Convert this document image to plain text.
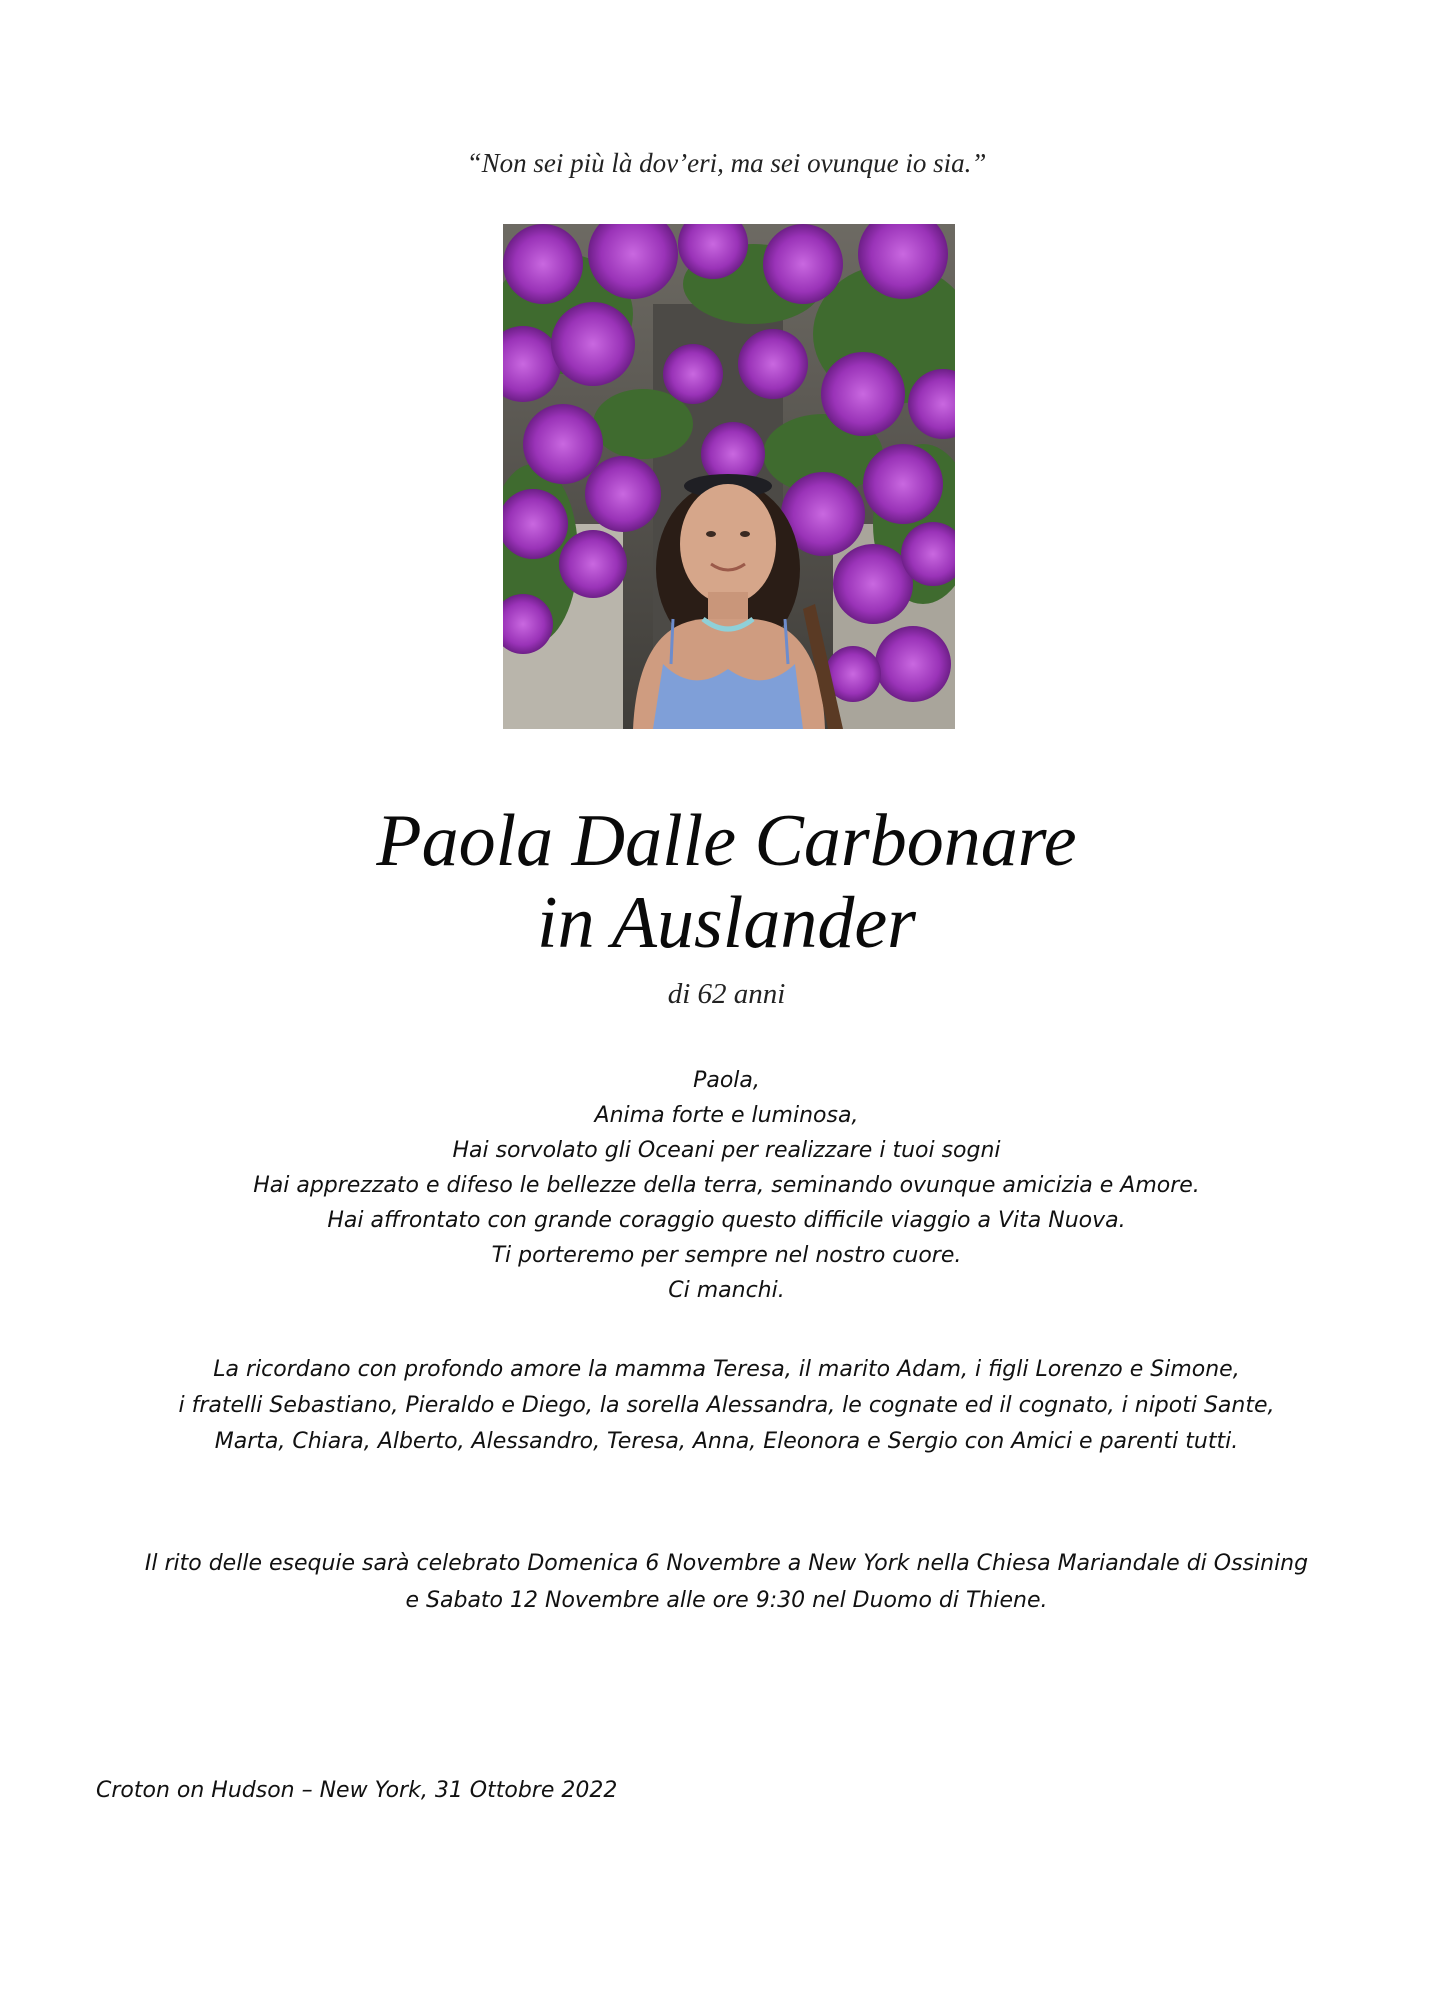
“Non sei più là dov’eri, ma sei ovunque io sia.”
Paola Dalle Carbonare
in Auslander
di 62 anni
Paola,
Anima forte e luminosa,
Hai sorvolato gli Oceani per realizzare i tuoi sogni
Hai apprezzato e difeso le bellezze della terra, seminando ovunque amicizia e Amore.
Hai affrontato con grande coraggio questo difficile viaggio a Vita Nuova.
Ti porteremo per sempre nel nostro cuore.
Ci manchi.
La ricordano con profondo amore la mamma Teresa, il marito Adam, i figli Lorenzo e Simone,
i fratelli Sebastiano, Pieraldo e Diego, la sorella Alessandra, le cognate ed il cognato, i nipoti Sante,
Marta, Chiara, Alberto, Alessandro, Teresa, Anna, Eleonora e Sergio con Amici e parenti tutti.
Il rito delle esequie sarà celebrato Domenica 6 Novembre a New York nella Chiesa Mariandale di Ossining
e Sabato 12 Novembre alle ore 9:30 nel Duomo di Thiene.
Croton on Hudson – New York, 31 Ottobre 2022
